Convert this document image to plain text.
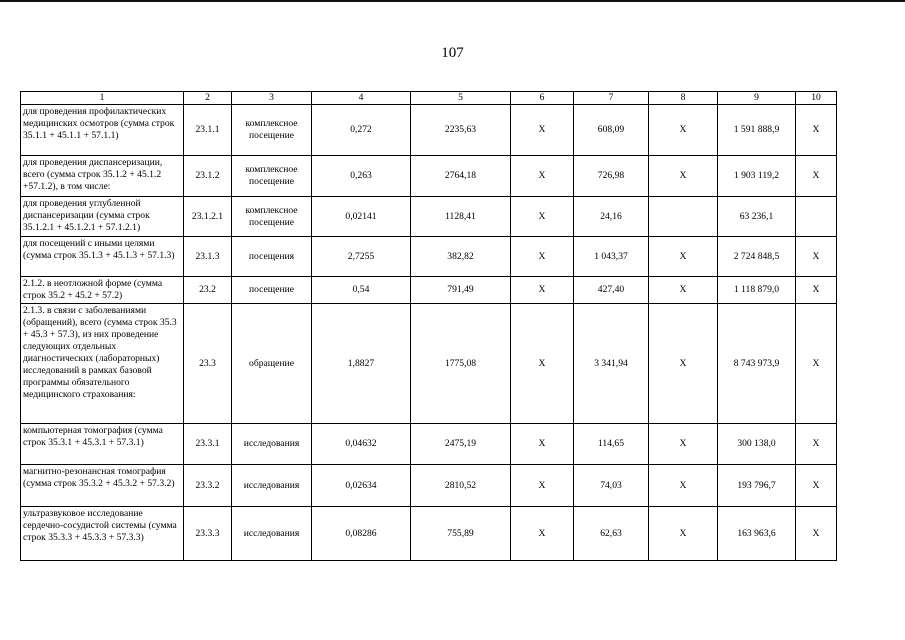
107
1	2	3	4	5	6	7	8	9	10
для проведения профилактических медицинских осмотров (сумма строк 35.1.1 + 45.1.1 + 57.1.1)	23.1.1	комплексное посещение	0,272	2235,63	Х	608,09	Х	1 591 888,9	Х
для проведения диспансеризации, всего (сумма строк 35.1.2 + 45.1.2 +57.1.2), в том числе:	23.1.2	комплексное посещение	0,263	2764,18	Х	726,98	Х	1 903 119,2	Х
для проведения углубленной диспансеризации (сумма строк 35.1.2.1 + 45.1.2.1 + 57.1.2.1)	23.1.2.1	комплексное посещение	0,02141	1128,41	Х	24,16		63 236,1	
для посещений с иными целями (сумма строк 35.1.3 + 45.1.3 + 57.1.3)	23.1.3	посещения	2,7255	382,82	Х	1 043,37	Х	2 724 848,5	Х
2.1.2. в неотложной форме (сумма строк 35.2 + 45.2 + 57.2)	23.2	посещение	0,54	791,49	Х	427,40	Х	1 118 879,0	Х
2.1.3. в связи с заболеваниями (обращений), всего (сумма строк 35.3 + 45.3 + 57.3), из них проведение следующих отдельных диагностических (лабораторных) исследований в рамках базовой программы обязательного медицинского страхования:	23.3	обращение	1,8827	1775,08	Х	3 341,94	Х	8 743 973,9	Х
компьютерная томография (сумма строк 35.3.1 + 45.3.1 + 57.3.1)	23.3.1	исследования	0,04632	2475,19	Х	114,65	Х	300 138,0	Х
магнитно-резонансная томография (сумма строк 35.3.2 + 45.3.2 + 57.3.2)	23.3.2	исследования	0,02634	2810,52	Х	74,03	Х	193 796,7	Х
ультразвуковое исследование сердечно-сосудистой системы (сумма строк 35.3.3 + 45.3.3 + 57.3.3)	23.3.3	исследования	0,08286	755,89	Х	62,63	Х	163 963,6	Х
